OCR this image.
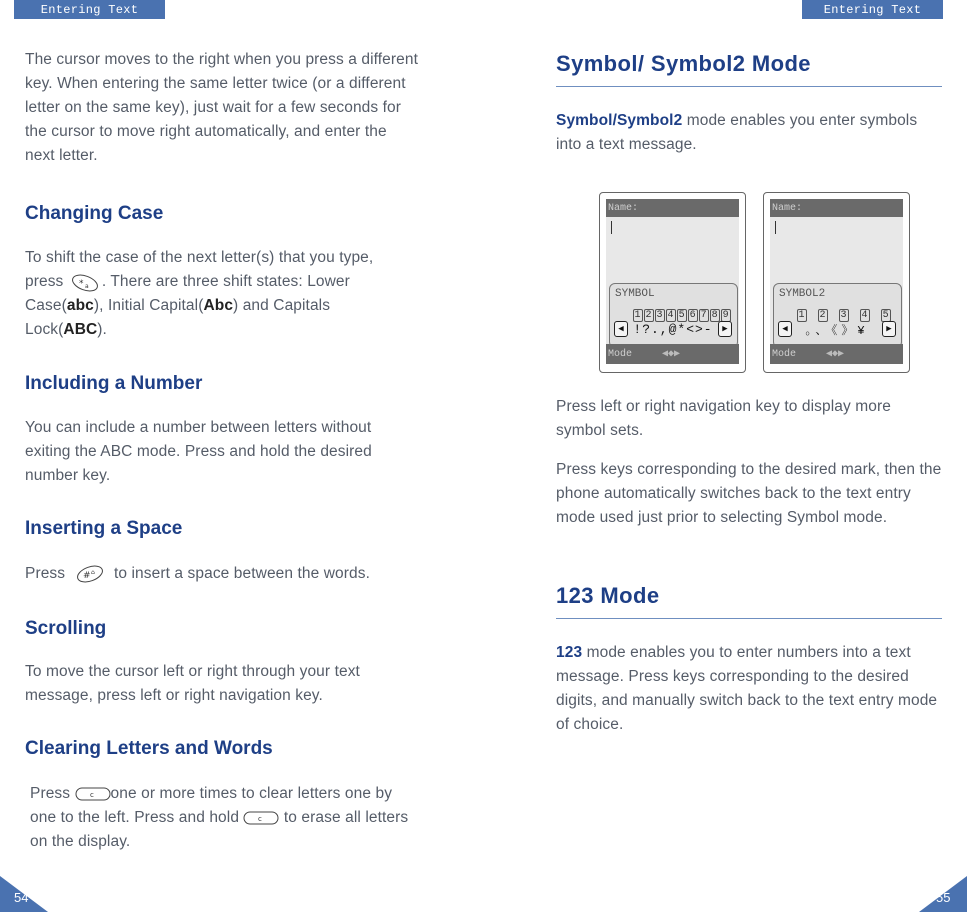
Entering Text	Entering Text

The cursor moves to the right when you press a different key. When entering the same letter twice (or a different letter on the same key), just wait for a few seconds for the cursor to move right automatically, and enter the next letter.

Changing Case

To shift the case of the next letter(s) that you type, press * a . There are three shift states: Lower Case(abc), Initial Capital(Abc) and Capitals Lock(ABC).

Including a Number

You can include a number between letters without exiting the ABC mode. Press and hold the desired number key.

Inserting a Space

Press # ⌂ to insert a space between the words.

Scrolling

To move the cursor left or right through your text message, press left or right navigation key.

Clearing Letters and Words

Press	c one or more times to clear letters one by one to the left. Press and hold	c to erase all letters on the display.

54
Symbol/ Symbol2 Mode

Symbol/Symbol2 mode enables you enter symbols into a text message.

Name:
SYMBOL
1 2 3 4 5 6 7 8 9
◀ !?.,@*<>-	▶
Mode	◀◆▶
Name:
SYMBOL2
1 2 3 4 5
◀	。、《》¥	▶
Mode	◀◆▶

Press left or right navigation key to display more symbol sets.

Press keys corresponding to the desired mark, then the phone automatically switches back to the text entry mode used just prior to selecting Symbol mode.

123 Mode

123 mode enables you to enter numbers into a text message. Press keys corresponding to the desired digits, and manually switch back to the text entry mode of choice.

55
